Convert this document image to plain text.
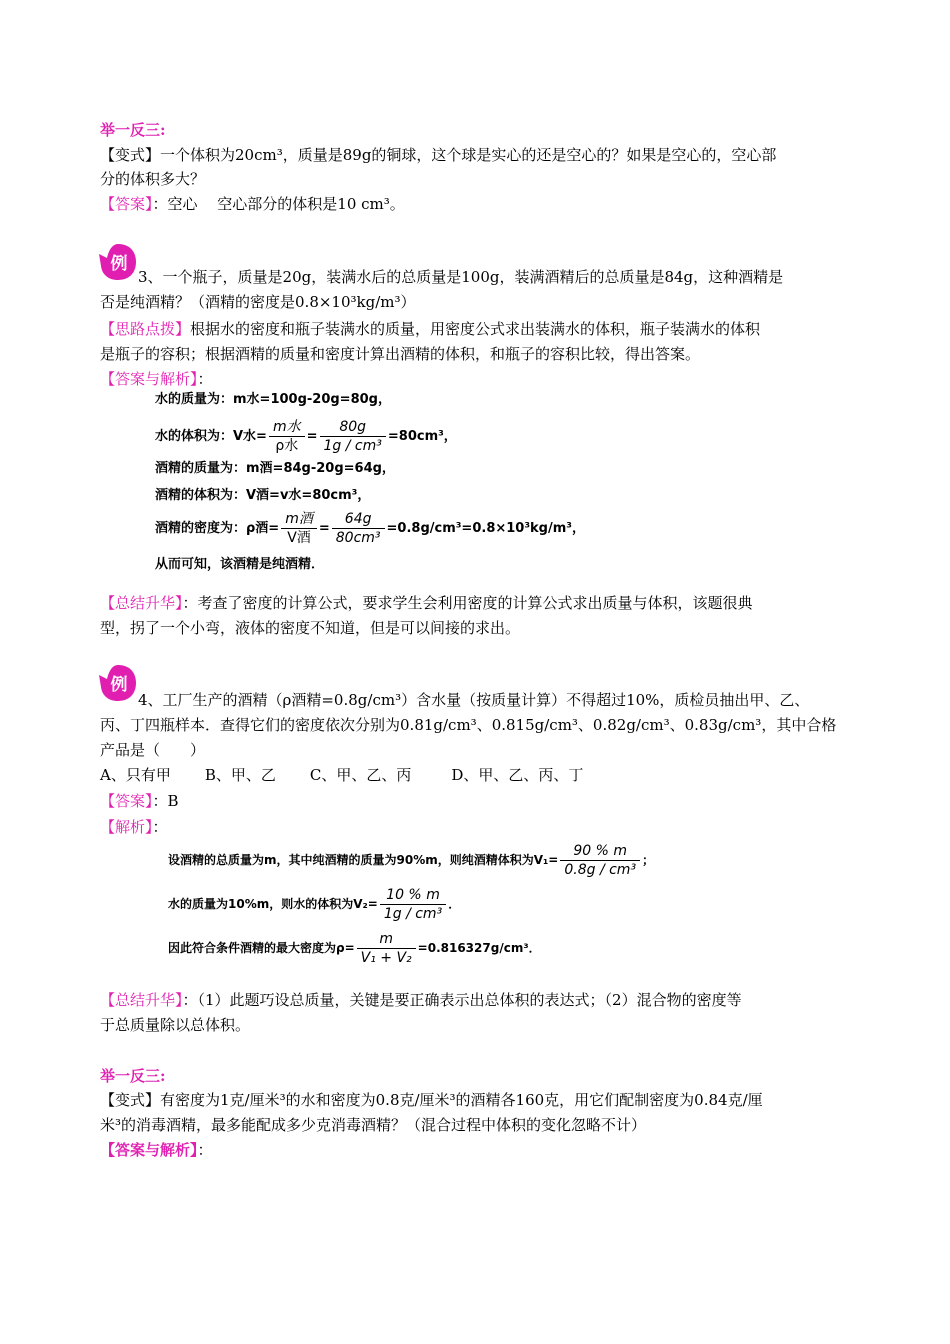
举一反三:
【变式】一个体积为20cm³，质量是89g的铜球，这个球是实心的还是空心的？如果是空心的，空心部
分的体积多大？
【答案】：空心　 空心部分的体积是10 cm³。
例
3、一个瓶子，质量是20g，装满水后的总质量是100g，装满酒精后的总质量是84g，这种酒精是
否是纯酒精？（酒精的密度是0.8×10³kg/m³）
【思路点拨】根据水的密度和瓶子装满水的质量，用密度公式求出装满水的体积，瓶子装满水的体积
是瓶子的容积；根据酒精的质量和密度计算出酒精的体积，和瓶子的容积比较，得出答案。
【答案与解析】：
水的质量为：m水=100g-20g=80g，
水的体积为：V水= $\frac{\text{m水}}{\text{ρ水}} = \frac{80g}{\text{1g / cm³}} =80cm^3$，
酒精的质量为：m酒=84g-20g=64g，
酒精的体积为：V酒=v水=80cm³，
酒精的密度为：ρ酒= $\frac{\text{m酒}}{\text{V酒}} = \frac{64g}{\text{80cm³}} =0.8g/cm^3=0.8\times 10^3kg/m^3$，
从而可知，该酒精是纯酒精．
【总结升华】：考查了密度的计算公式，要求学生会利用密度的计算公式求出质量与体积，该题很典
型，拐了一个小弯，液体的密度不知道，但是可以间接的求出。
例
4、工厂生产的酒精（ρ酒精=0.8g/cm³）含水量（按质量计算）不得超过10%，质检员抽出甲、乙、
丙、丁四瓶样本．查得它们的密度依次分别为0.81g/cm³、0.815g/cm³、0.82g/cm³、0.83g/cm³，其中合格
产品是（　　）
A、只有甲 B、甲、乙 C、甲、乙、丙	D、甲、乙、丙、丁
【答案】：B
【解析】：
设酒精的总质量为m，其中纯酒精的质量为90%m，则纯酒精体积为$V_1= \frac{90 \% m}{\text{0.8g / cm³}}$ ；
水的质量为10%m，则水的体积为$V_2= \frac{10 \% m}{\text{1g / cm³}}$ ．
因此符合条件酒精的最大密度为$\rho= \frac{m}{\text{V₁ + V₂}} =0.816327g/cm^3$．
【总结升华】：（1）此题巧设总质量，关键是要正确表示出总体积的表达式；（2）混合物的密度等
于总质量除以总体积。
举一反三:
【变式】有密度为1克/厘米³的水和密度为0.8克/厘米³的酒精各160克，用它们配制密度为0.84克/厘
米³的消毒酒精，最多能配成多少克消毒酒精？（混合过程中体积的变化忽略不计）
【答案与解析】：
